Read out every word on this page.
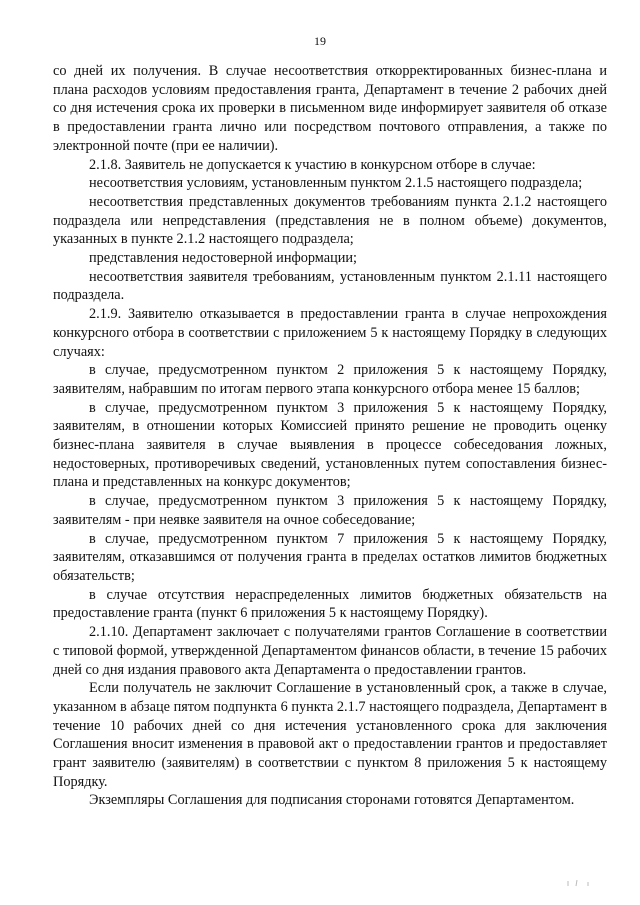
19

со дней их получения. В случае несоответствия откорректированных бизнес-плана и плана расходов условиям предоставления гранта, Департамент в течение 2 рабочих дней со дня истечения срока их проверки в письменном виде информирует заявителя об отказе в предоставлении гранта лично или посредством почтового отправления, а также по электронной почте (при ее наличии).

2.1.8. Заявитель не допускается к участию в конкурсном отборе в случае:

несоответствия условиям, установленным пунктом 2.1.5 настоящего подраздела;

несоответствия представленных документов требованиям пункта 2.1.2 настоящего подраздела или непредставления (представления не в полном объеме) документов, указанных в пункте 2.1.2 настоящего подраздела;

представления недостоверной информации;

несоответствия заявителя требованиям, установленным пунктом 2.1.11 настоящего подраздела.

2.1.9. Заявителю отказывается в предоставлении гранта в случае непрохождения конкурсного отбора в соответствии с приложением 5 к настоящему Порядку в следующих случаях:

в случае, предусмотренном пунктом 2 приложения 5 к настоящему Порядку, заявителям, набравшим по итогам первого этапа конкурсного отбора менее 15 баллов;

в случае, предусмотренном пунктом 3 приложения 5 к настоящему Порядку, заявителям, в отношении которых Комиссией принято решение не проводить оценку бизнес-плана заявителя в случае выявления в процессе собеседования ложных, недостоверных, противоречивых сведений, установленных путем сопоставления бизнес-плана и представленных на конкурс документов;

в случае, предусмотренном пунктом 3 приложения 5 к настоящему Порядку, заявителям - при неявке заявителя на очное собеседование;

в случае, предусмотренном пунктом 7 приложения 5 к настоящему Порядку, заявителям, отказавшимся от получения гранта в пределах остатков лимитов бюджетных обязательств;

в случае отсутствия нераспределенных лимитов бюджетных обязательств на предоставление гранта (пункт 6 приложения 5 к настоящему Порядку).

2.1.10. Департамент заключает с получателями грантов Соглашение в соответствии с типовой формой, утвержденной Департаментом финансов области, в течение 15 рабочих дней со дня издания правового акта Департамента о предоставлении грантов.

Если получатель не заключит Соглашение в установленный срок, а также в случае, указанном в абзаце пятом подпункта 6 пункта 2.1.7 настоящего подраздела, Департамент в течение 10 рабочих дней со дня истечения установленного срока для заключения Соглашения вносит изменения в правовой акт о предоставлении грантов и предоставляет грант заявителю (заявителям) в соответствии с пунктом 8 приложения 5 к настоящему Порядку.

Экземпляры Соглашения для подписания сторонами готовятся Департаментом.
